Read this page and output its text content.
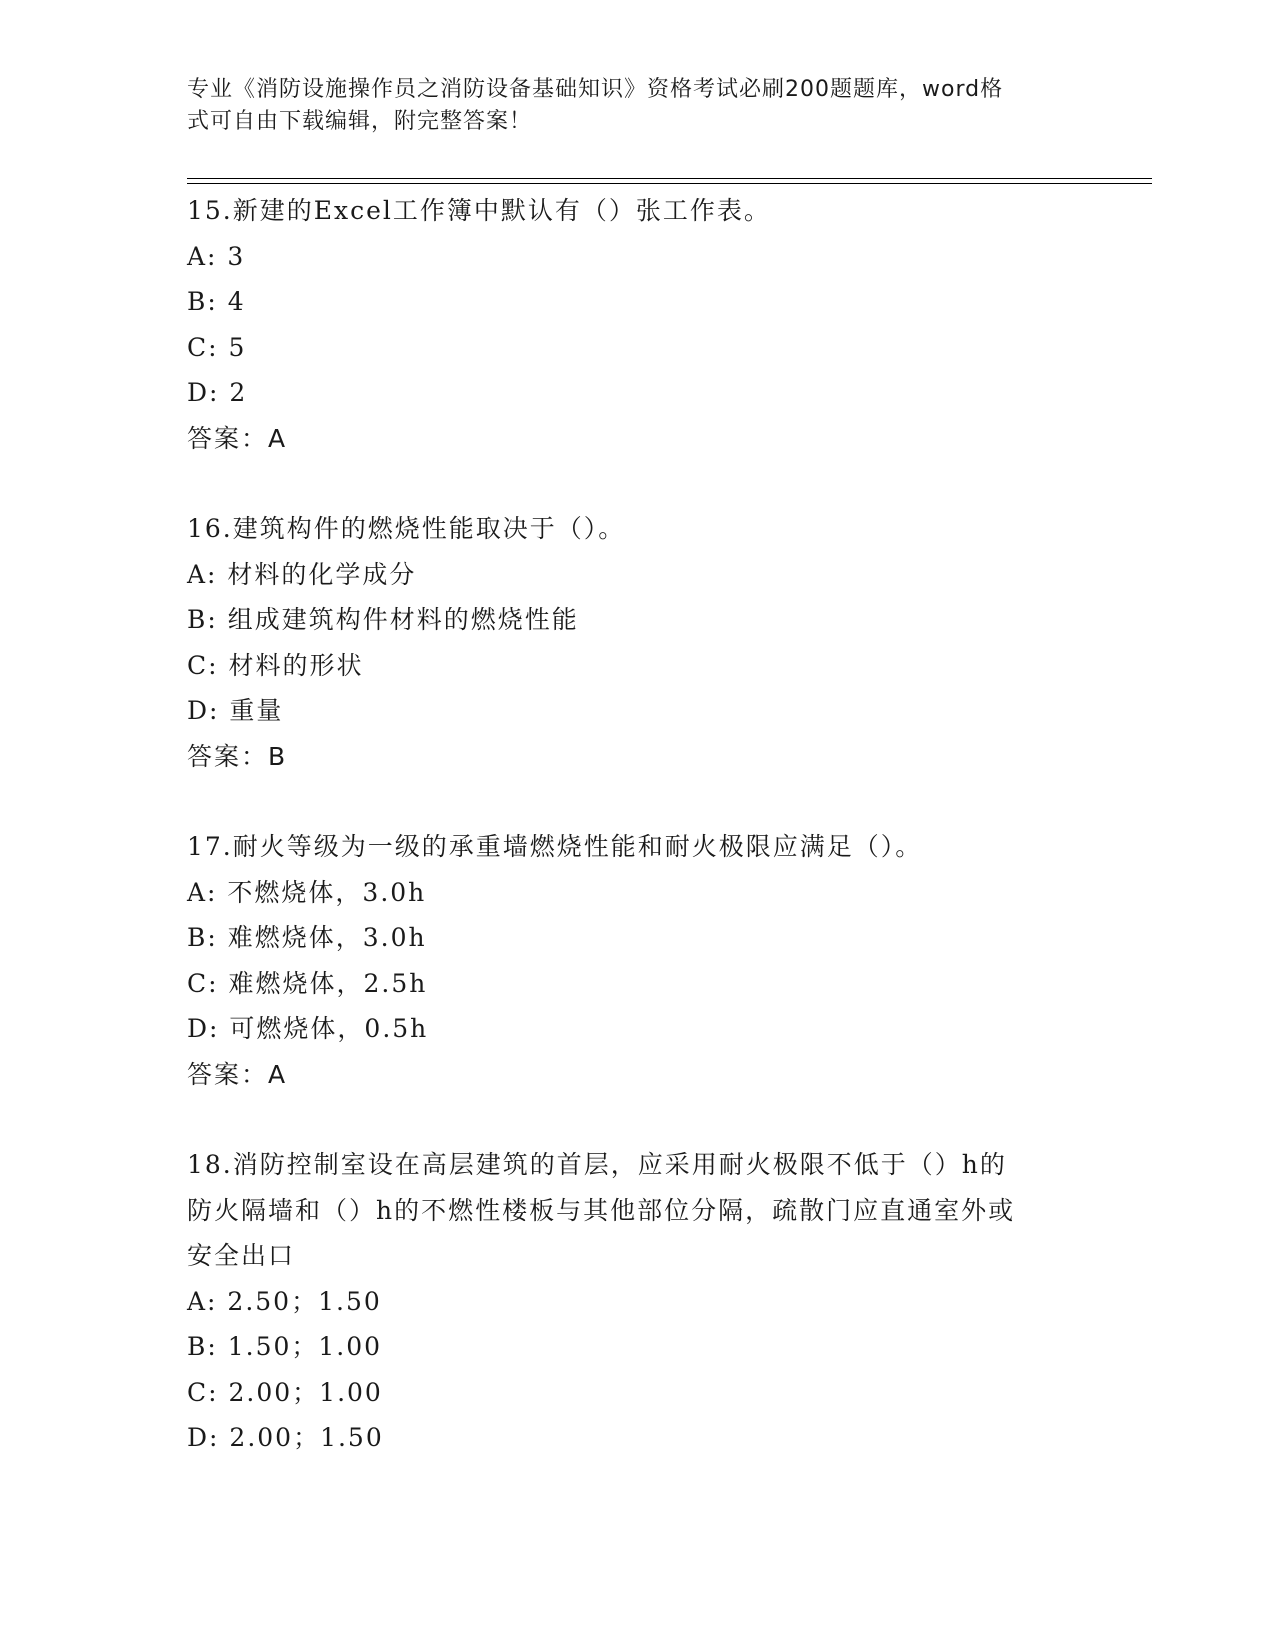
专业《消防设施操作员之消防设备基础知识》资格考试必刷200题题库，word格
式可自由下载编辑，附完整答案！
15.新建的Excel工作簿中默认有（）张工作表。
A: 3
B: 4
C: 5
D: 2
答案：A
16.建筑构件的燃烧性能取决于（）。
A: 材料的化学成分
B: 组成建筑构件材料的燃烧性能
C: 材料的形状
D: 重量
答案：B
17.耐火等级为一级的承重墙燃烧性能和耐火极限应满足（）。
A: 不燃烧体，3.0h
B: 难燃烧体，3.0h
C: 难燃烧体，2.5h
D: 可燃烧体，0.5h
答案：A
18.消防控制室设在高层建筑的首层，应采用耐火极限不低于（）h的
防火隔墙和（）h的不燃性楼板与其他部位分隔，疏散门应直通室外或
安全出口
A: 2.50；1.50
B: 1.50；1.00
C: 2.00；1.00
D: 2.00；1.50
